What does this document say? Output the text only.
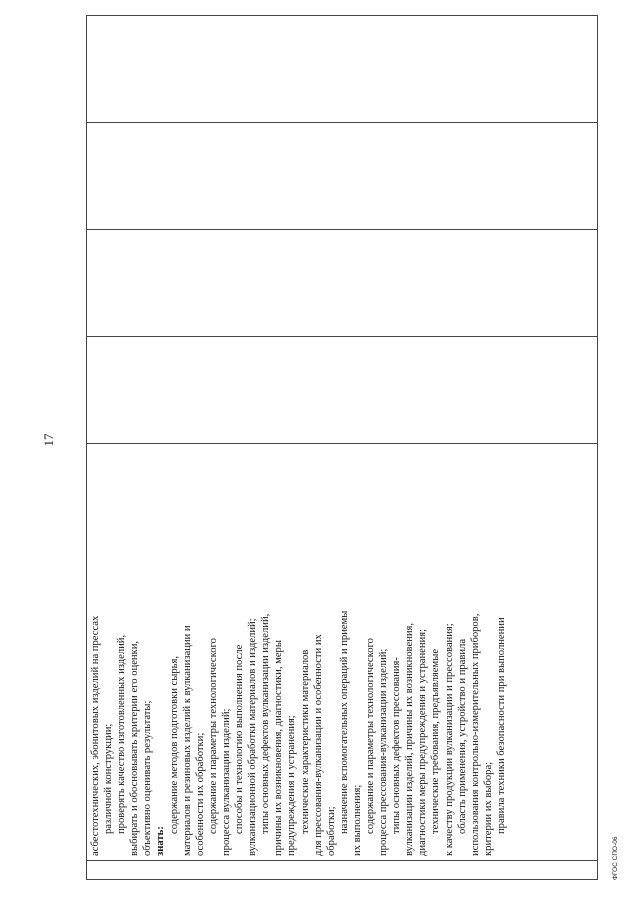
17

асбестотехнических, эбонитовых изделий на прессах различной конструкции; проверять качество изготовленных изделий, выбирать и обосновывать критерии его оценки, объективно оценивать результаты; знать:
содержание методов подготовки сырья, материалов и резиновых изделий к вулканизации и особенности их обработки; содержание и параметры технологического процесса вулканизации изделий; способы и технологию выполнения после вулканизационной обработки материалов и изделий; типы основных дефектов вулканизации изделий, причины их возникновения, диагностики, меры предупреждения и устранения; технические характеристики материалов для прессования-вулканизации и особенности их обработки; назначение вспомогательных операций и приемы их выполнения; содержание и параметры технологического процесса прессования-вулканизации изделий; типы основных дефектов прессования- вулканизации изделий, причины их возникновения, диагностики меры предупреждения и устранения; технические требования, предъявляемые к качеству продукции вулканизации и прессования; область применения, устройство и правила использования контрольно-измерительных приборов, критерии их выбора; правила техники безопасности при выполнении

ФГОС СПО-06
